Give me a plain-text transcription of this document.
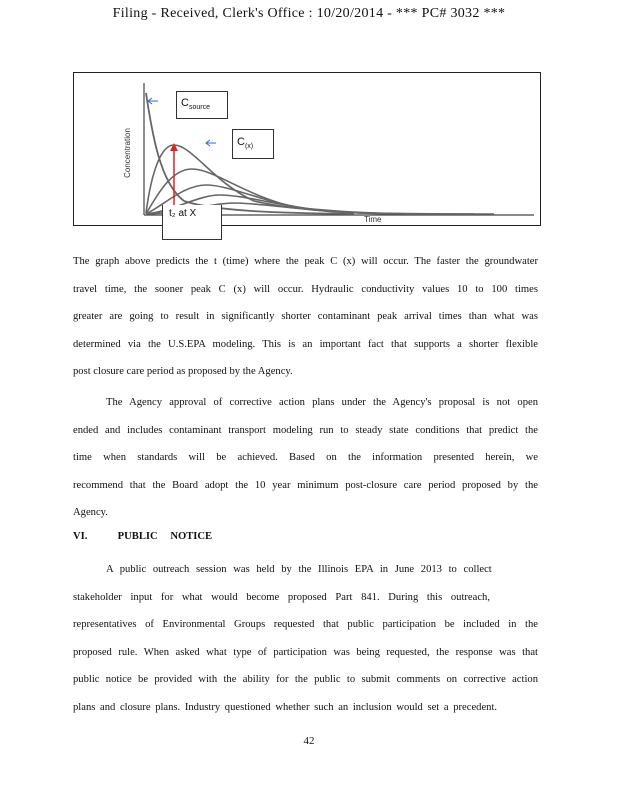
Filing - Received, Clerk's Office : 10/20/2014 - *** PC# 3032 ***
Concentration
Time
$C_{source}$
$C_{(x)}$
t₂ at X
The graph above predicts the t (time) where the peak C (x) will occur. The faster the groundwater
travel time, the sooner peak C (x) will occur. Hydraulic conductivity values 10 to 100 times
greater are going to result in significantly shorter contaminant peak arrival times than what was
determined via the U.S.EPA modeling. This is an important fact that supports a shorter flexible
post closure care period as proposed by the Agency.
The Agency approval of corrective action plans under the Agency's proposal is not open
ended and includes contaminant transport modeling run to steady state conditions that predict the
time when standards will be achieved. Based on the information presented herein, we
recommend that the Board adopt the 10 year minimum post-closure care period proposed by the
Agency.
VI.	PUBLIC NOTICE
A public outreach session was held by the Illinois EPA in June 2013 to collect
stakeholder input for what would become proposed Part 841. During this outreach,
representatives of Environmental Groups requested that public participation be included in the
proposed rule. When asked what type of participation was being requested, the response was that
public notice be provided with the ability for the public to submit comments on corrective action
plans and closure plans. Industry questioned whether such an inclusion would set a precedent.
42
